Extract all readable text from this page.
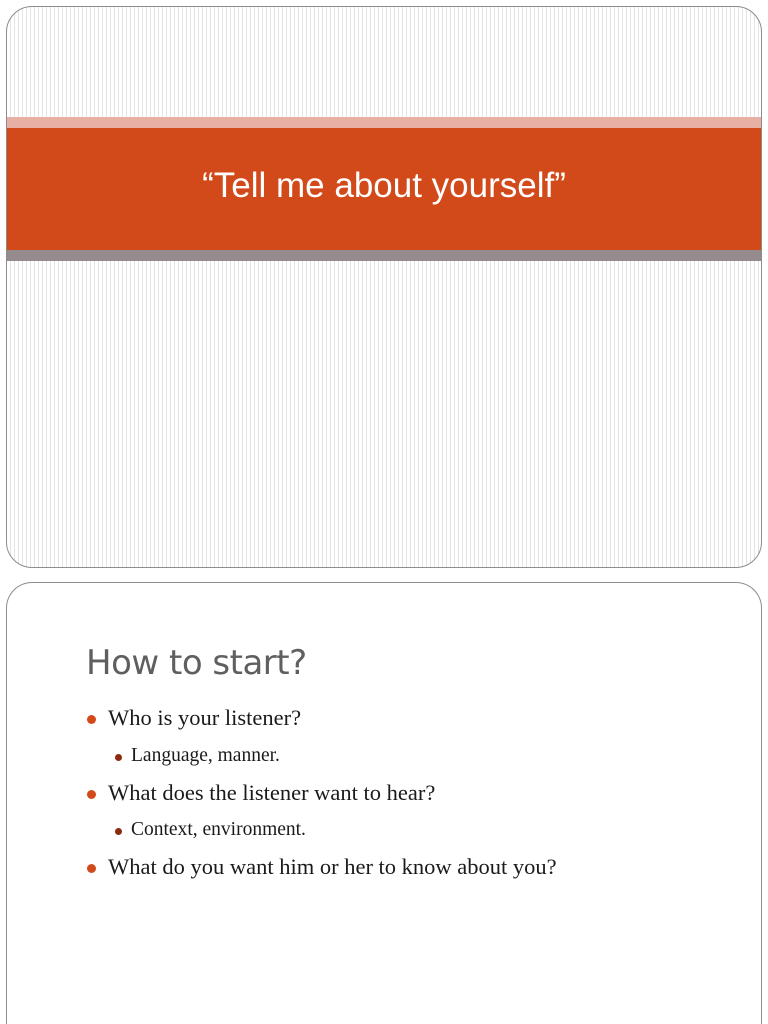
“Tell me about yourself”
How to start?
Who is your listener?
Language, manner.
What does the listener want to hear?
Context, environment.
What do you want him or her to know about you?
